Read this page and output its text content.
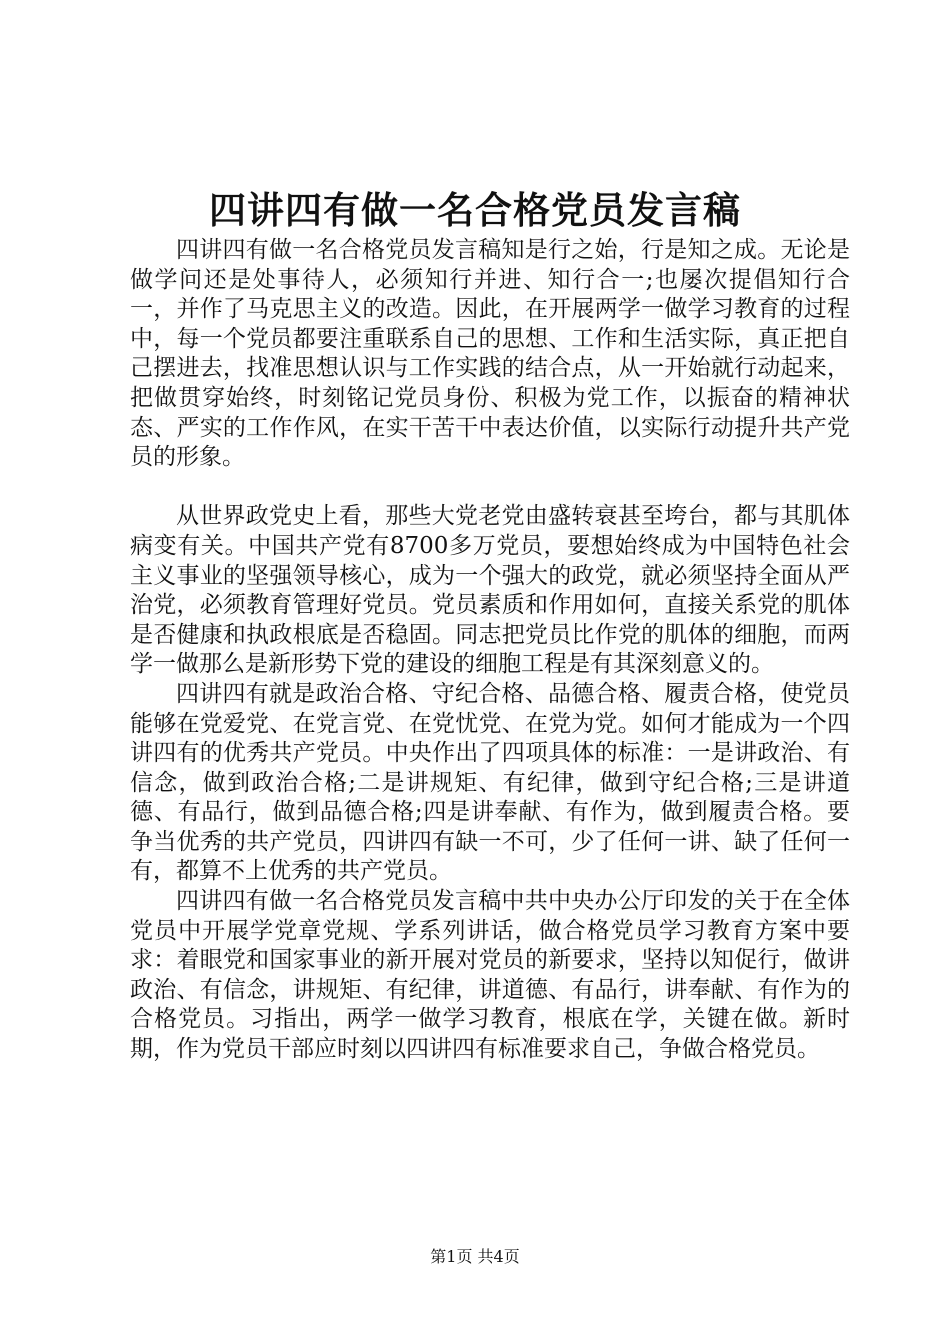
四讲四有做一名合格党员发言稿

四讲四有做一名合格党员发言稿知是行之始，行是知之成。无论是做学问还是处事待人，必须知行并进、知行合一;也屡次提倡知行合一，并作了马克思主义的改造。因此，在开展两学一做学习教育的过程中，每一个党员都要注重联系自己的思想、工作和生活实际，真正把自己摆进去，找准思想认识与工作实践的结合点，从一开始就行动起来，把做贯穿始终，时刻铭记党员身份、积极为党工作，以振奋的精神状态、严实的工作作风，在实干苦干中表达价值，以实际行动提升共产党员的形象。

从世界政党史上看，那些大党老党由盛转衰甚至垮台，都与其肌体病变有关。中国共产党有8700多万党员，要想始终成为中国特色社会主义事业的坚强领导核心，成为一个强大的政党，就必须坚持全面从严治党，必须教育管理好党员。党员素质和作用如何，直接关系党的肌体是否健康和执政根底是否稳固。同志把党员比作党的肌体的细胞，而两学一做那么是新形势下党的建设的细胞工程是有其深刻意义的。

四讲四有就是政治合格、守纪合格、品德合格、履责合格，使党员能够在党爱党、在党言党、在党忧党、在党为党。如何才能成为一个四讲四有的优秀共产党员。中央作出了四项具体的标准：一是讲政治、有信念，做到政治合格;二是讲规矩、有纪律，做到守纪合格;三是讲道德、有品行，做到品德合格;四是讲奉献、有作为，做到履责合格。要争当优秀的共产党员，四讲四有缺一不可，少了任何一讲、缺了任何一有，都算不上优秀的共产党员。

四讲四有做一名合格党员发言稿中共中央办公厅印发的关于在全体党员中开展学党章党规、学系列讲话，做合格党员学习教育方案中要求：着眼党和国家事业的新开展对党员的新要求，坚持以知促行，做讲政治、有信念，讲规矩、有纪律，讲道德、有品行，讲奉献、有作为的合格党员。习指出，两学一做学习教育，根底在学，关键在做。新时期，作为党员干部应时刻以四讲四有标准要求自己，争做合格党员。

第1页 共4页
